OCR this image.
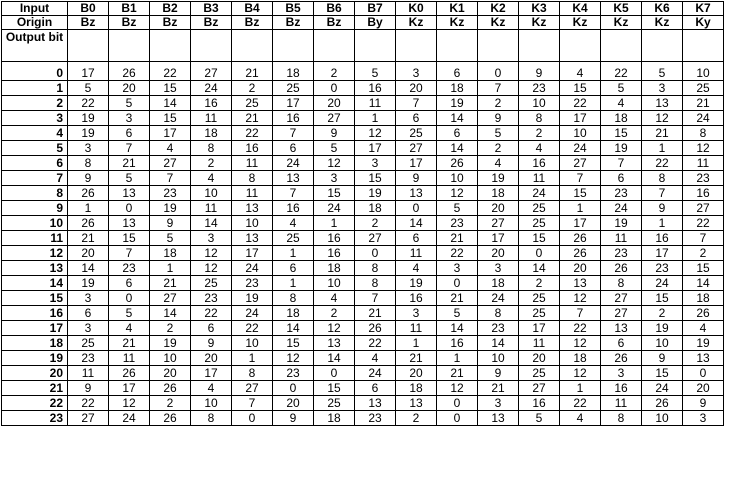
Input	B0	B1	B2	B3	B4	B5	B6	B7	K0	K1	K2	K3	K4	K5	K6	K7
Origin	Bz	Bz	Bz	Bz	Bz	Bz	Bz	By	Kz	Kz	Kz	Kz	Kz	Kz	Kz	Ky
Output bit																
0	17	26	22	27	21	18	2	5	3	6	0	9	4	22	5	10
1	5	20	15	24	2	25	0	16	20	18	7	23	15	5	3	25
2	22	5	14	16	25	17	20	11	7	19	2	10	22	4	13	21
3	19	3	15	11	21	16	27	1	6	14	9	8	17	18	12	24
4	19	6	17	18	22	7	9	12	25	6	5	2	10	15	21	8
5	3	7	4	8	16	6	5	17	27	14	2	4	24	19	1	12
6	8	21	27	2	11	24	12	3	17	26	4	16	27	7	22	11
7	9	5	7	4	8	13	3	15	9	10	19	11	7	6	8	23
8	26	13	23	10	11	7	15	19	13	12	18	24	15	23	7	16
9	1	0	19	11	13	16	24	18	0	5	20	25	1	24	9	27
10	26	13	9	14	10	4	1	2	14	23	27	25	17	19	1	22
11	21	15	5	3	13	25	16	27	6	21	17	15	26	11	16	7
12	20	7	18	12	17	1	16	0	11	22	20	0	26	23	17	2
13	14	23	1	12	24	6	18	8	4	3	3	14	20	26	23	15
14	19	6	21	25	23	1	10	8	19	0	18	2	13	8	24	14
15	3	0	27	23	19	8	4	7	16	21	24	25	12	27	15	18
16	6	5	14	22	24	18	2	21	3	5	8	25	7	27	2	26
17	3	4	2	6	22	14	12	26	11	14	23	17	22	13	19	4
18	25	21	19	9	10	15	13	22	1	16	14	11	12	6	10	19
19	23	11	10	20	1	12	14	4	21	1	10	20	18	26	9	13
20	11	26	20	17	8	23	0	24	20	21	9	25	12	3	15	0
21	9	17	26	4	27	0	15	6	18	12	21	27	1	16	24	20
22	22	12	2	10	7	20	25	13	13	0	3	16	22	11	26	9
23	27	24	26	8	0	9	18	23	2	0	13	5	4	8	10	3
